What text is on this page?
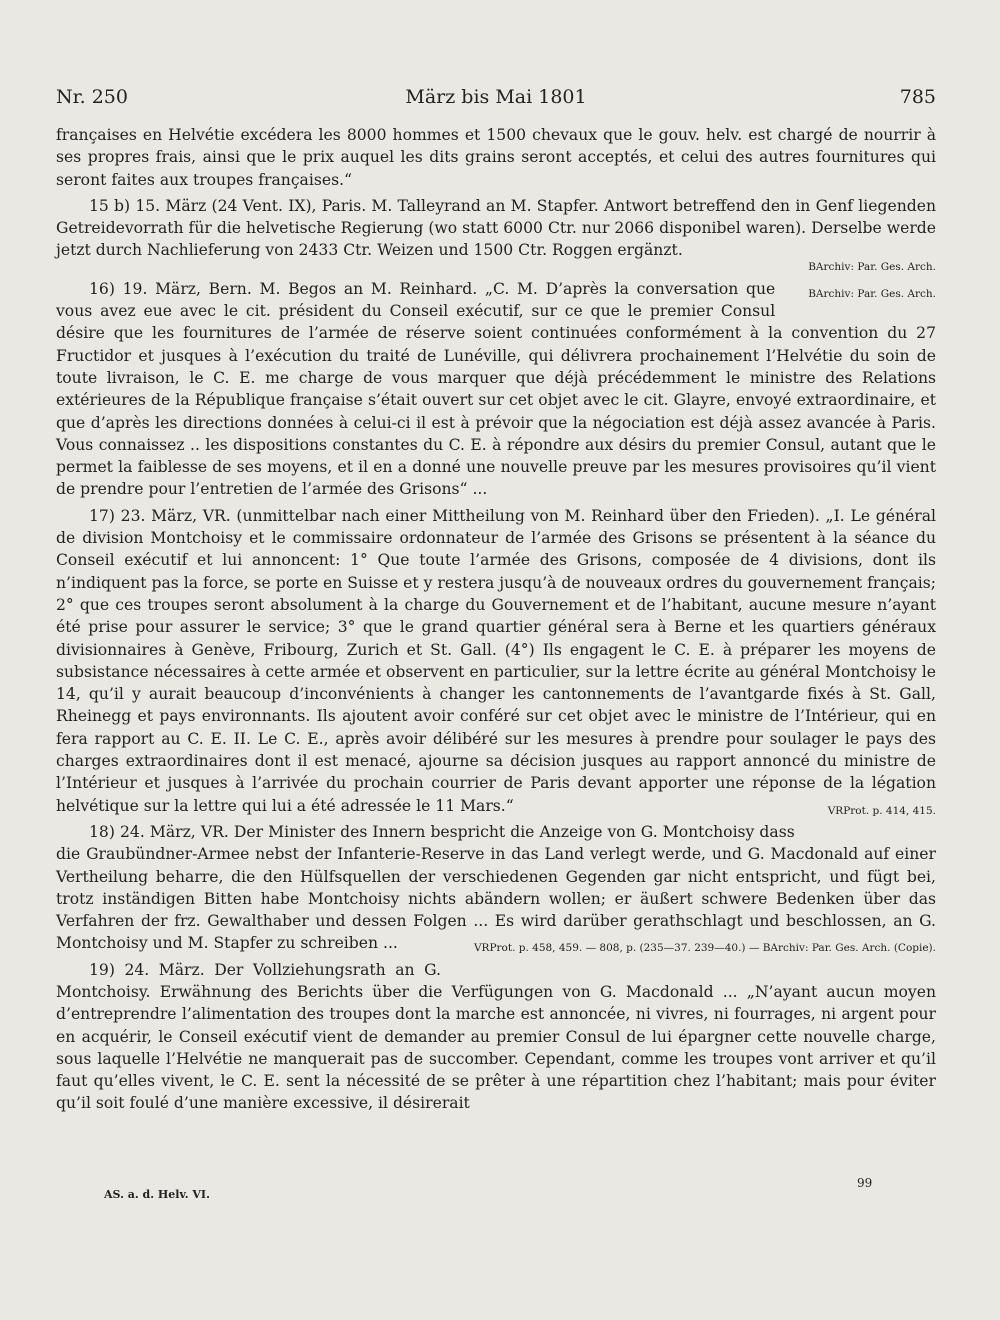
Nr. 250	März bis Mai 1801	785

françaises en Helvétie excédera les 8000 hommes et 1500 chevaux que le gouv. helv. est chargé de nourrir à ses propres frais, ainsi que le prix auquel les dits grains seront acceptés, et celui des autres fournitures qui seront faites aux troupes françaises.“

15 b) 15. März (24 Vent. IX), Paris. M. Talleyrand an M. Stapfer. Antwort betreffend den in Genf liegenden Getreidevorrath für die helvetische Regierung (wo statt 6000 Ctr. nur 2066 disponibel waren). Derselbe werde jetzt durch Nachlieferung von 2433 Ctr. Weizen und 1500 Ctr. Roggen ergänzt.

BArchiv: Par. Ges. Arch.

BArchiv: Par. Ges. Arch.
16) 19. März, Bern. M. Begos an M. Reinhard. „C. M. D’après la conversation que vous avez eue avec le cit. président du Conseil exécutif, sur ce que le premier Consul désire que les fournitures de l’armée de réserve soient continuées conformément à la convention du 27 Fructidor et jusques à l’exécution du traité de Lunéville, qui délivrera prochainement l’Helvétie du soin de toute livraison, le C. E. me charge de vous marquer que déjà précédemment le ministre des Relations extérieures de la République française s’était ouvert sur cet objet avec le cit. Glayre, envoyé extraordinaire, et que d’après les directions données à celui-ci il est à prévoir que la négociation est déjà assez avancée à Paris. Vous connaissez .. les dispositions constantes du C. E. à répondre aux désirs du premier Consul, autant que le permet la faiblesse de ses moyens, et il en a donné une nouvelle preuve par les mesures provisoires qu’il vient de prendre pour l’entretien de l’armée des Grisons“ ...

17) 23. März, VR. (unmittelbar nach einer Mittheilung von M. Reinhard über den Frieden). „I. Le général de division Montchoisy et le commissaire ordonnateur de l’armée des Grisons se présentent à la séance du Conseil exécutif et lui annoncent: 1° Que toute l’armée des Grisons, composée de 4 divisions, dont ils n’indiquent pas la force, se porte en Suisse et y restera jusqu’à de nouveaux ordres du gouvernement français; 2° que ces troupes seront absolument à la charge du Gouvernement et de l’habitant, aucune mesure n’ayant été prise pour assurer le service; 3° que le grand quartier général sera à Berne et les quartiers généraux divisionnaires à Genève, Fribourg, Zurich et St. Gall. (4°) Ils engagent le C. E. à préparer les moyens de subsistance nécessaires à cette armée et observent en particulier, sur la lettre écrite au général Montchoisy le 14, qu’il y aurait beaucoup d’inconvénients à changer les cantonnements de l’avantgarde fixés à St. Gall, Rheinegg et pays environnants. Ils ajoutent avoir conféré sur cet objet avec le ministre de l’Intérieur, qui en fera rapport au C. E. II. Le C. E., après avoir délibéré sur les mesures à prendre pour soulager le pays des charges extraordinaires dont il est menacé, ajourne sa décision jusques au rapport annoncé du ministre de l’Intérieur et jusques à l’arrivée du prochain courrier de Paris devant apporter une réponse de la légation helvétique sur la lettre qui lui a été adressée le 11 Mars.“	VRProt. p. 414, 415.

18) 24. März, VR. Der Minister des Innern bespricht die Anzeige von G. Montchoisy dass die Graubündner-Armee nebst der Infanterie-Reserve in das Land verlegt werde, und G. Macdonald auf einer Vertheilung beharre, die den Hülfsquellen der verschiedenen Gegenden gar nicht entspricht, und fügt bei, trotz inständigen Bitten habe Montchoisy nichts abändern wollen; er äußert schwere Bedenken über das Verfahren der frz. Gewalthaber und dessen Folgen ... Es wird darüber gerathschlagt und beschlossen, an G. Montchoisy und M. Stapfer zu schreiben ...	VRProt. p. 458, 459. — 808, p. (235—37. 239—40.) — BArchiv: Par. Ges. Arch. (Copie).

19) 24. März. Der Vollziehungsrath an G. Montchoisy. Erwähnung des Berichts über die Verfügungen von G. Macdonald ... „N’ayant aucun moyen d’entreprendre l’alimentation des troupes dont la marche est annoncée, ni vivres, ni fourrages, ni argent pour en acquérir, le Conseil exécutif vient de demander au premier Consul de lui épargner cette nouvelle charge, sous laquelle l’Helvétie ne manquerait pas de succomber. Cependant, comme les troupes vont arriver et qu’il faut qu’elles vivent, le C. E. sent la nécessité de se prêter à une répartition chez l’habitant; mais pour éviter qu’il soit foulé d’une manière excessive, il désirerait

AS. a. d. Helv. VI.
99
